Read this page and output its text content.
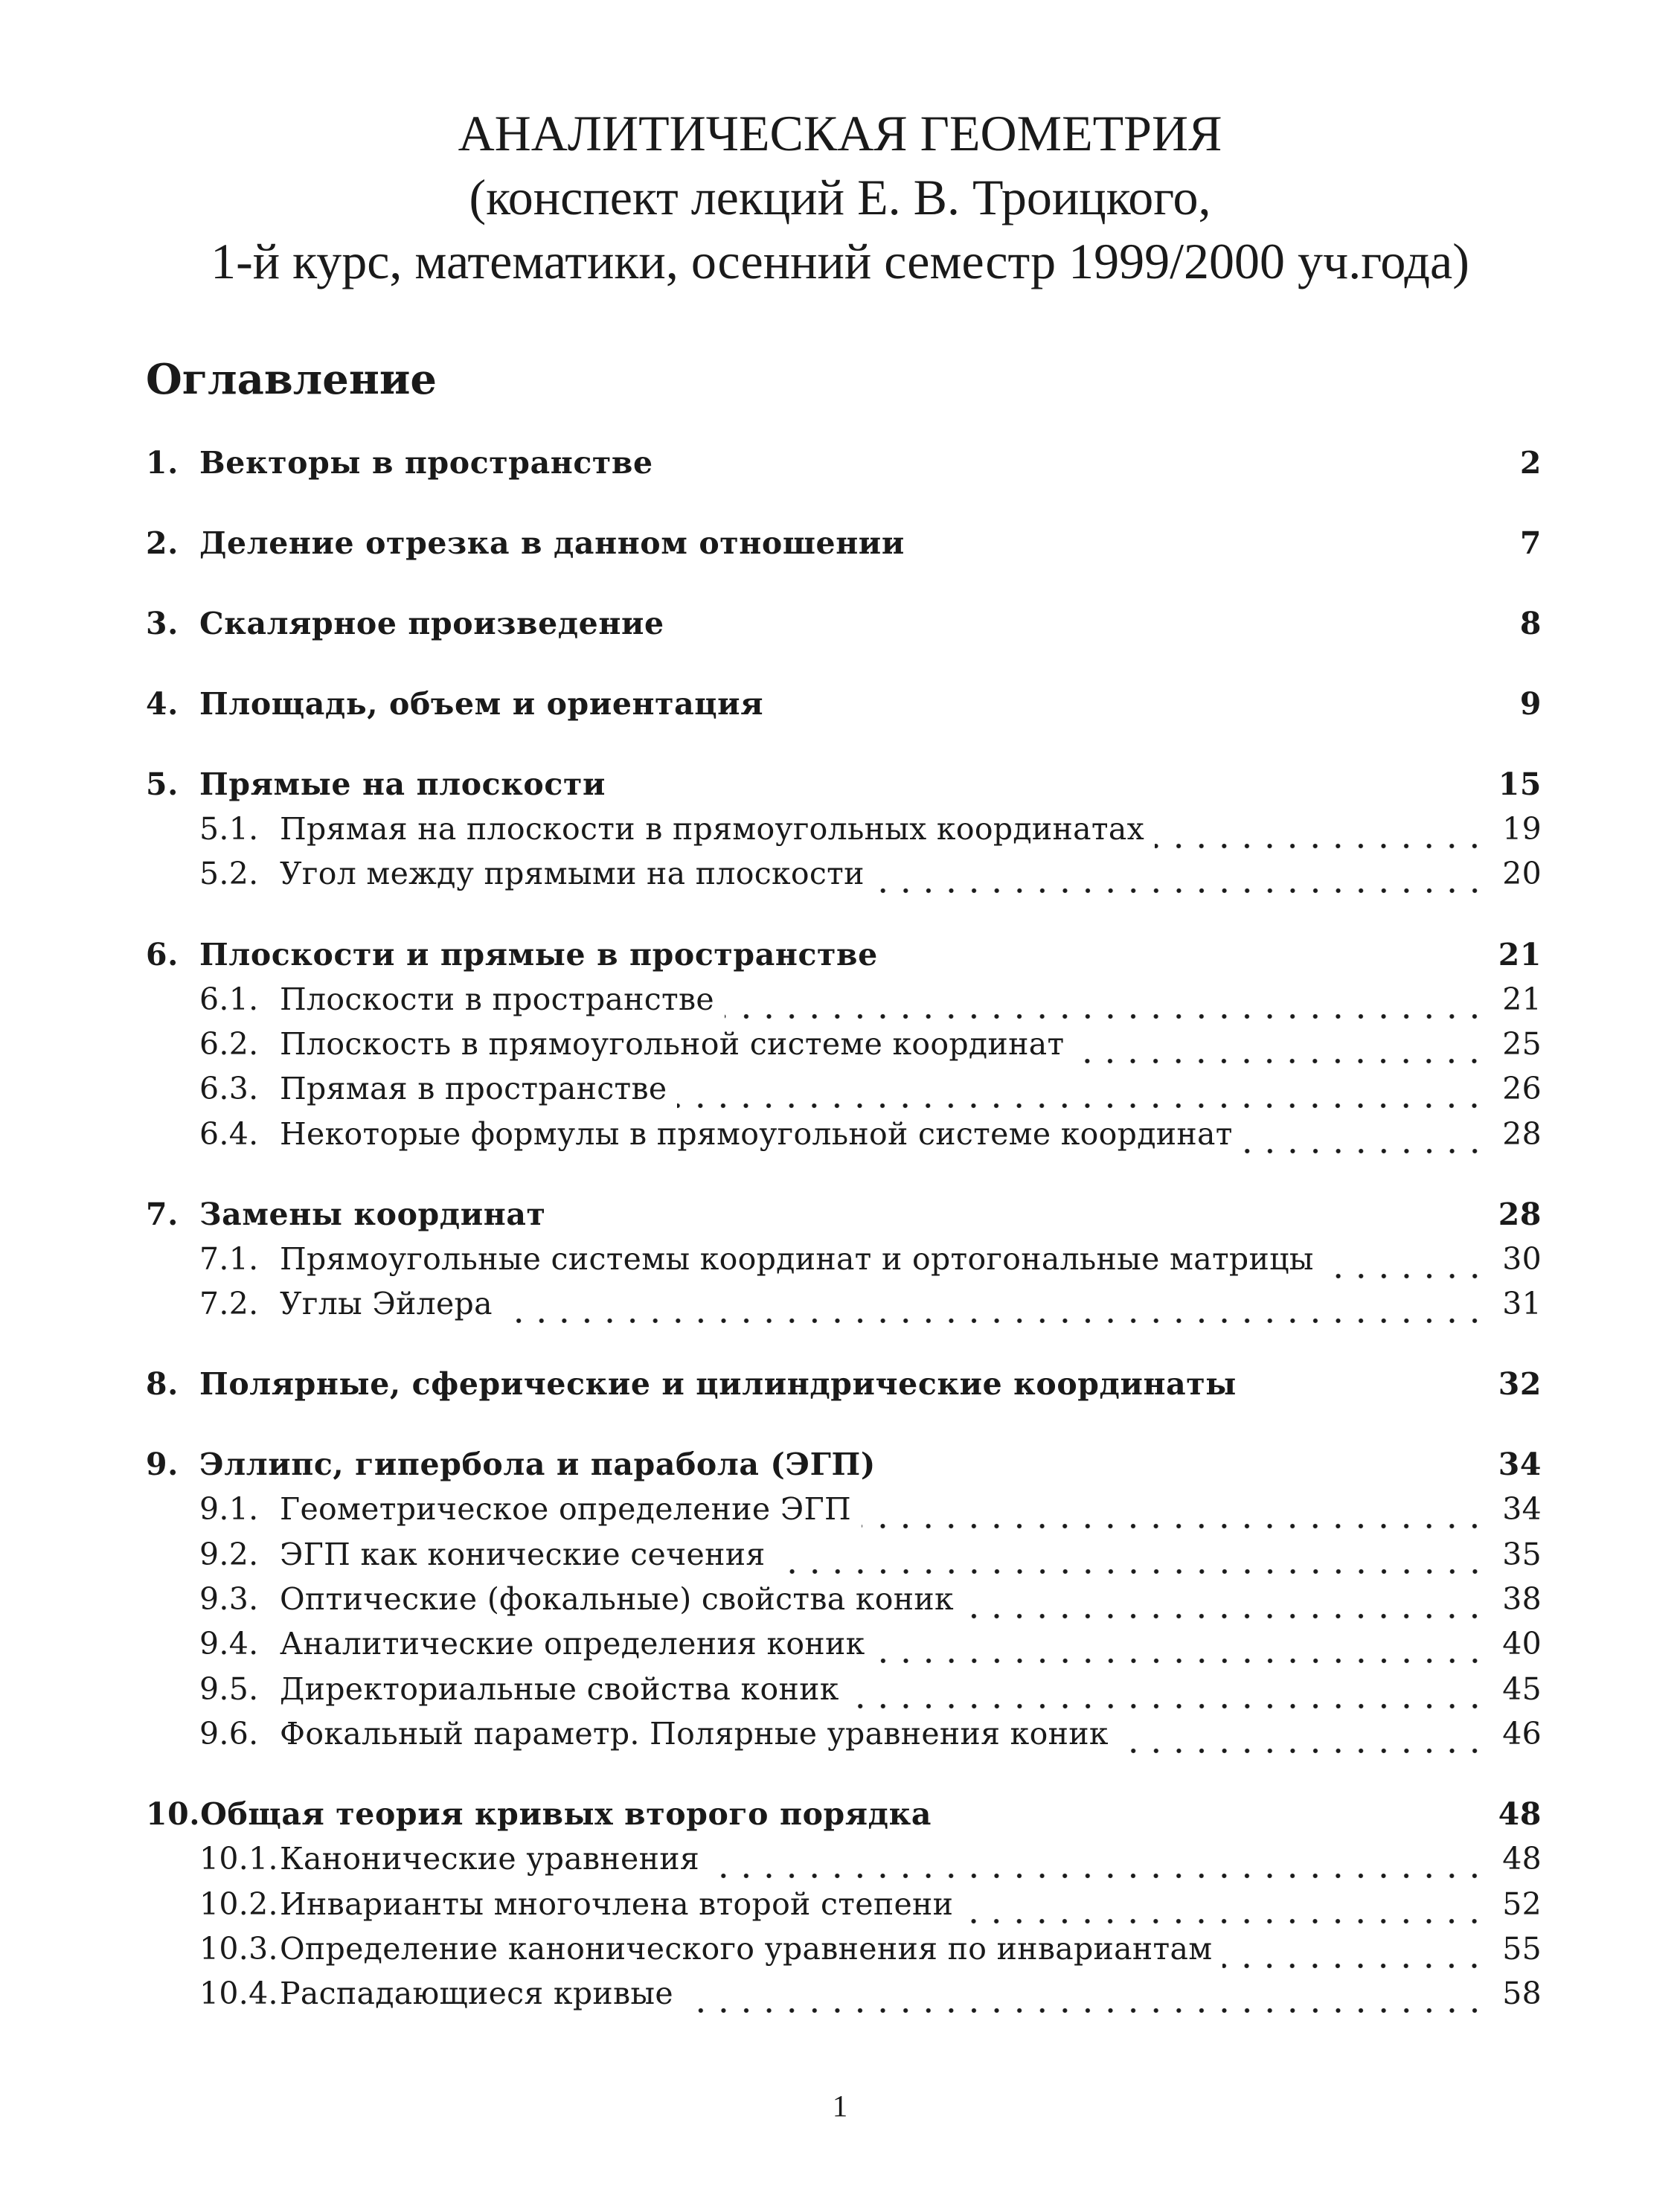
АНАЛИТИЧЕСКАЯ ГЕОМЕТРИЯ
(конспект лекций Е. В. Троицкого,
1-й курс, математики, осенний семестр 1999/2000 уч.года)
Оглавление
1. Векторы в пространстве	2
2. Деление отрезка в данном отношении	7
3. Скалярное произведение	8
4. Площадь, объем и ориентация	9
5. Прямые на плоскости	15
5.1. Прямая на плоскости в прямоугольных координатах	19
5.2. Угол между прямыми на плоскости	20
6. Плоскости и прямые в пространстве	21
6.1. Плоскости в пространстве	21
6.2. Плоскость в прямоугольной системе координат	25
6.3. Прямая в пространстве	26
6.4. Некоторые формулы в прямоугольной системе координат	28
7. Замены координат	28
7.1. Прямоугольные системы координат и ортогональные матрицы	30
7.2. Углы Эйлера	31
8. Полярные, сферические и цилиндрические координаты	32
9. Эллипс, гипербола и парабола (ЭГП)	34
9.1. Геометрическое определение ЭГП	34
9.2. ЭГП как конические сечения	35
9.3. Оптические (фокальные) свойства коник	38
9.4. Аналитические определения коник	40
9.5. Директориальные свойства коник	45
9.6. Фокальный параметр. Полярные уравнения коник	46
10. Общая теория кривых второго порядка	48
10.1. Канонические уравнения	48
10.2. Инварианты многочлена второй степени	52
10.3. Определение канонического уравнения по инвариантам	55
10.4. Распадающиеся кривые	58
1
